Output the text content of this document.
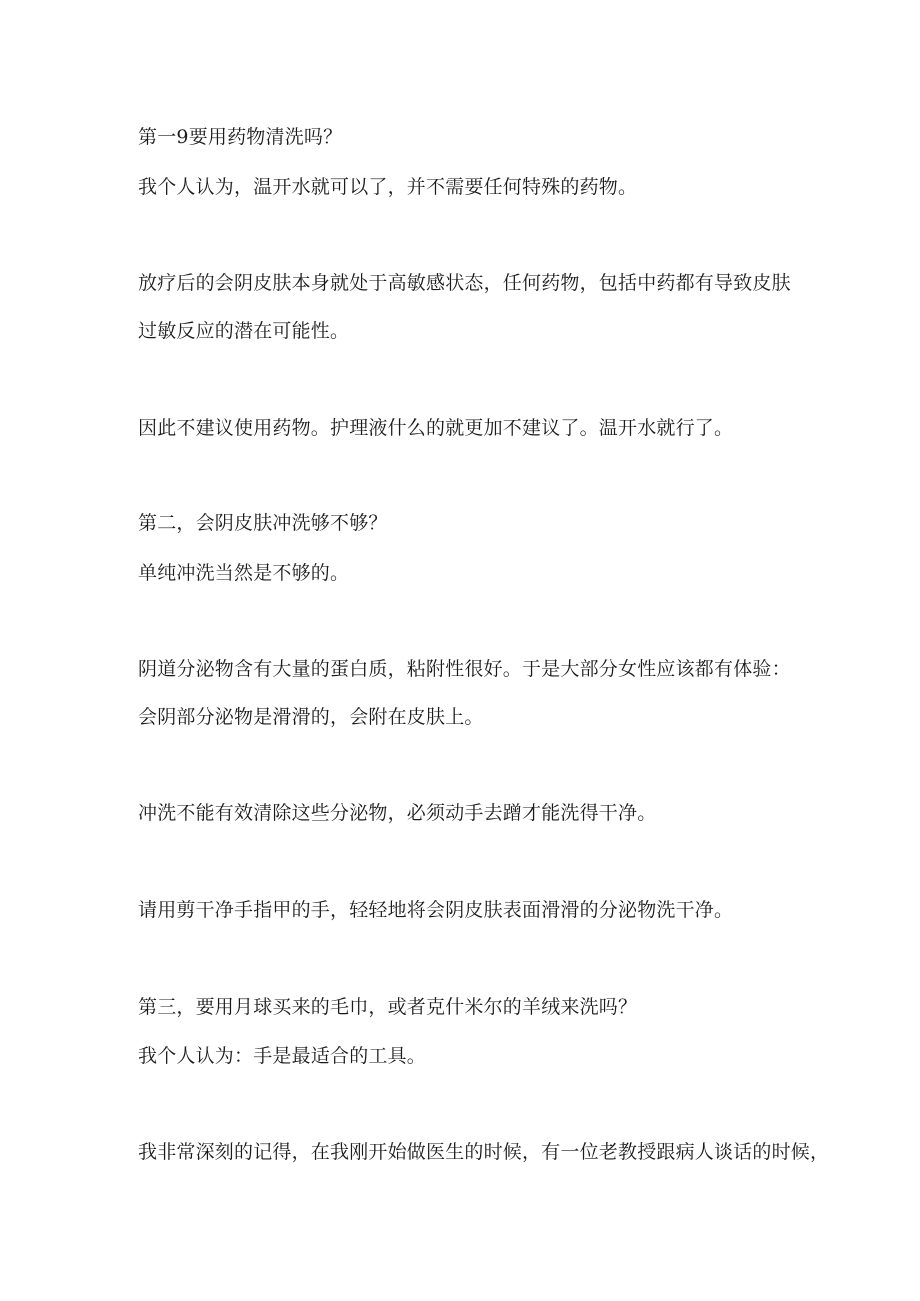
第一9要用药物清洗吗？
我个人认为，温开水就可以了，并不需要任何特殊的药物。
放疗后的会阴皮肤本身就处于高敏感状态，任何药物，包括中药都有导致皮肤
过敏反应的潜在可能性。
因此不建议使用药物。护理液什么的就更加不建议了。温开水就行了。
第二，会阴皮肤冲洗够不够？
单纯冲洗当然是不够的。
阴道分泌物含有大量的蛋白质，粘附性很好。于是大部分女性应该都有体验：
会阴部分泌物是滑滑的，会附在皮肤上。
冲洗不能有效清除这些分泌物，必须动手去蹭才能洗得干净。
请用剪干净手指甲的手，轻轻地将会阴皮肤表面滑滑的分泌物洗干净。
第三，要用月球买来的毛巾，或者克什米尔的羊绒来洗吗？
我个人认为：手是最适合的工具。
我非常深刻的记得，在我刚开始做医生的时候，有一位老教授跟病人谈话的时候，
